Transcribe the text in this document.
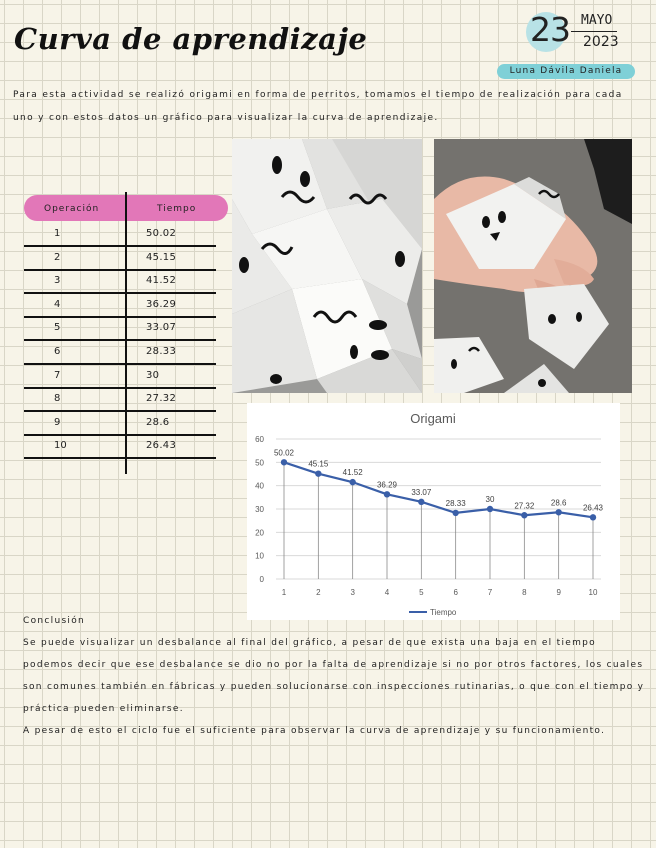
Curva de aprendizaje	23 MAYO
2023
Luna Dávila Daniela
Para esta actividad se realizó origami en forma de perritos, tomamos el tiempo de realización para cada uno y con estos datos un gráfico para visualizar la curva de aprendizaje.
Operación	Tiempo
1	50.02
2	45.15
3	41.52
4	36.29
5	33.07
6	28.33
7	30
8	27.32
9	28.6
10	26.43
Origami
0
10
20
30
40
50
60
1	2	3	4	5	6	7	8	9	10
50.02
45.15
41.52
36.29
33.07
28.33 30
27.32 28.6
26.43
Tiempo

Conclusión

Se puede visualizar un desbalance al final del gráfico, a pesar de que exista una baja en el tiempo podemos decir que ese desbalance se dio no por la falta de aprendizaje si no por otros factores, los cuales son comunes también en fábricas y pueden solucionarse con inspecciones rutinarias, o que con el tiempo y práctica pueden eliminarse.

A pesar de esto el ciclo fue el suficiente para observar la curva de aprendizaje y su funcionamiento.
